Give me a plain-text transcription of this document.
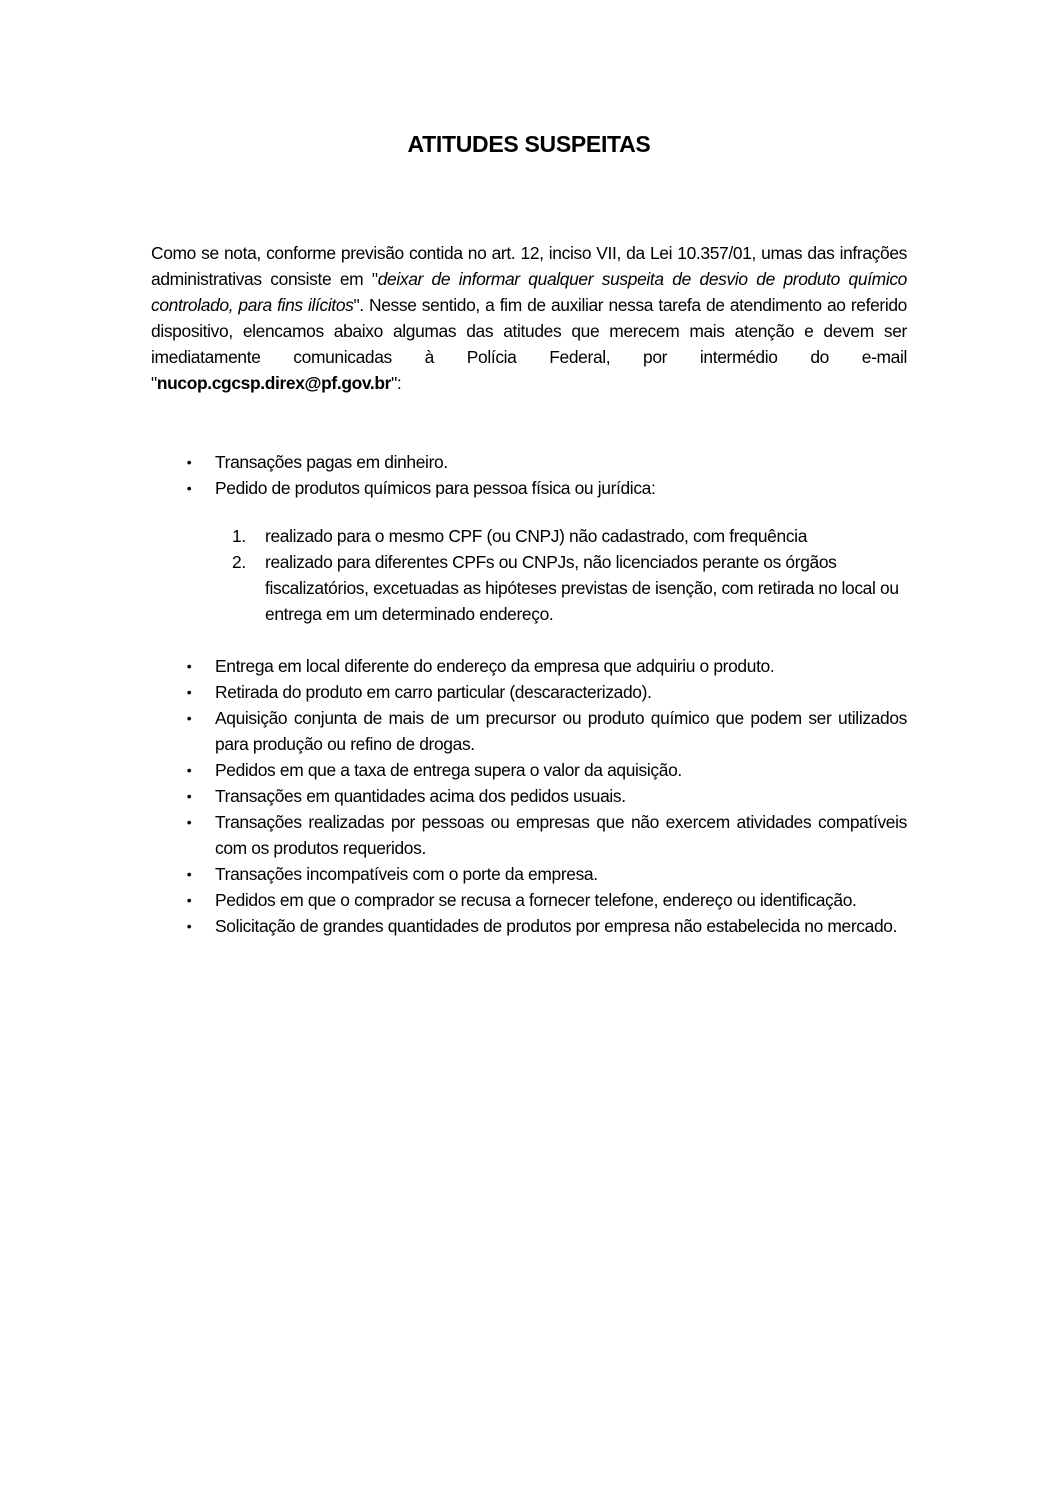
ATITUDES SUSPEITAS

Como se nota, conforme previsão contida no art. 12, inciso VII, da Lei 10.357/01, umas das infrações administrativas consiste em "deixar de informar qualquer suspeita de desvio de produto químico controlado, para fins ilícitos". Nesse sentido, a fim de auxiliar nessa tarefa de atendimento ao referido dispositivo, elencamos abaixo algumas das atitudes que merecem mais atenção e devem ser imediatamente comunicadas à Polícia Federal, por intermédio do e-mail "nucop.cgcsp.direx@pf.gov.br":

• Transações pagas em dinheiro.
• Pedido de produtos químicos para pessoa física ou jurídica:
1. realizado para o mesmo CPF (ou CNPJ) não cadastrado, com frequência
2. realizado para diferentes CPFs ou CNPJs, não licenciados perante os órgãos fiscalizatórios, excetuadas as hipóteses previstas de isenção, com retirada no local ou entrega em um determinado endereço.
• Entrega em local diferente do endereço da empresa que adquiriu o produto.
• Retirada do produto em carro particular (descaracterizado).
• Aquisição conjunta de mais de um precursor ou produto químico que podem ser utilizados para produção ou refino de drogas.
• Pedidos em que a taxa de entrega supera o valor da aquisição.
• Transações em quantidades acima dos pedidos usuais.
• Transações realizadas por pessoas ou empresas que não exercem atividades compatíveis com os produtos requeridos.
• Transações incompatíveis com o porte da empresa.
• Pedidos em que o comprador se recusa a fornecer telefone, endereço ou identificação.
• Solicitação de grandes quantidades de produtos por empresa não estabelecida no mercado.
